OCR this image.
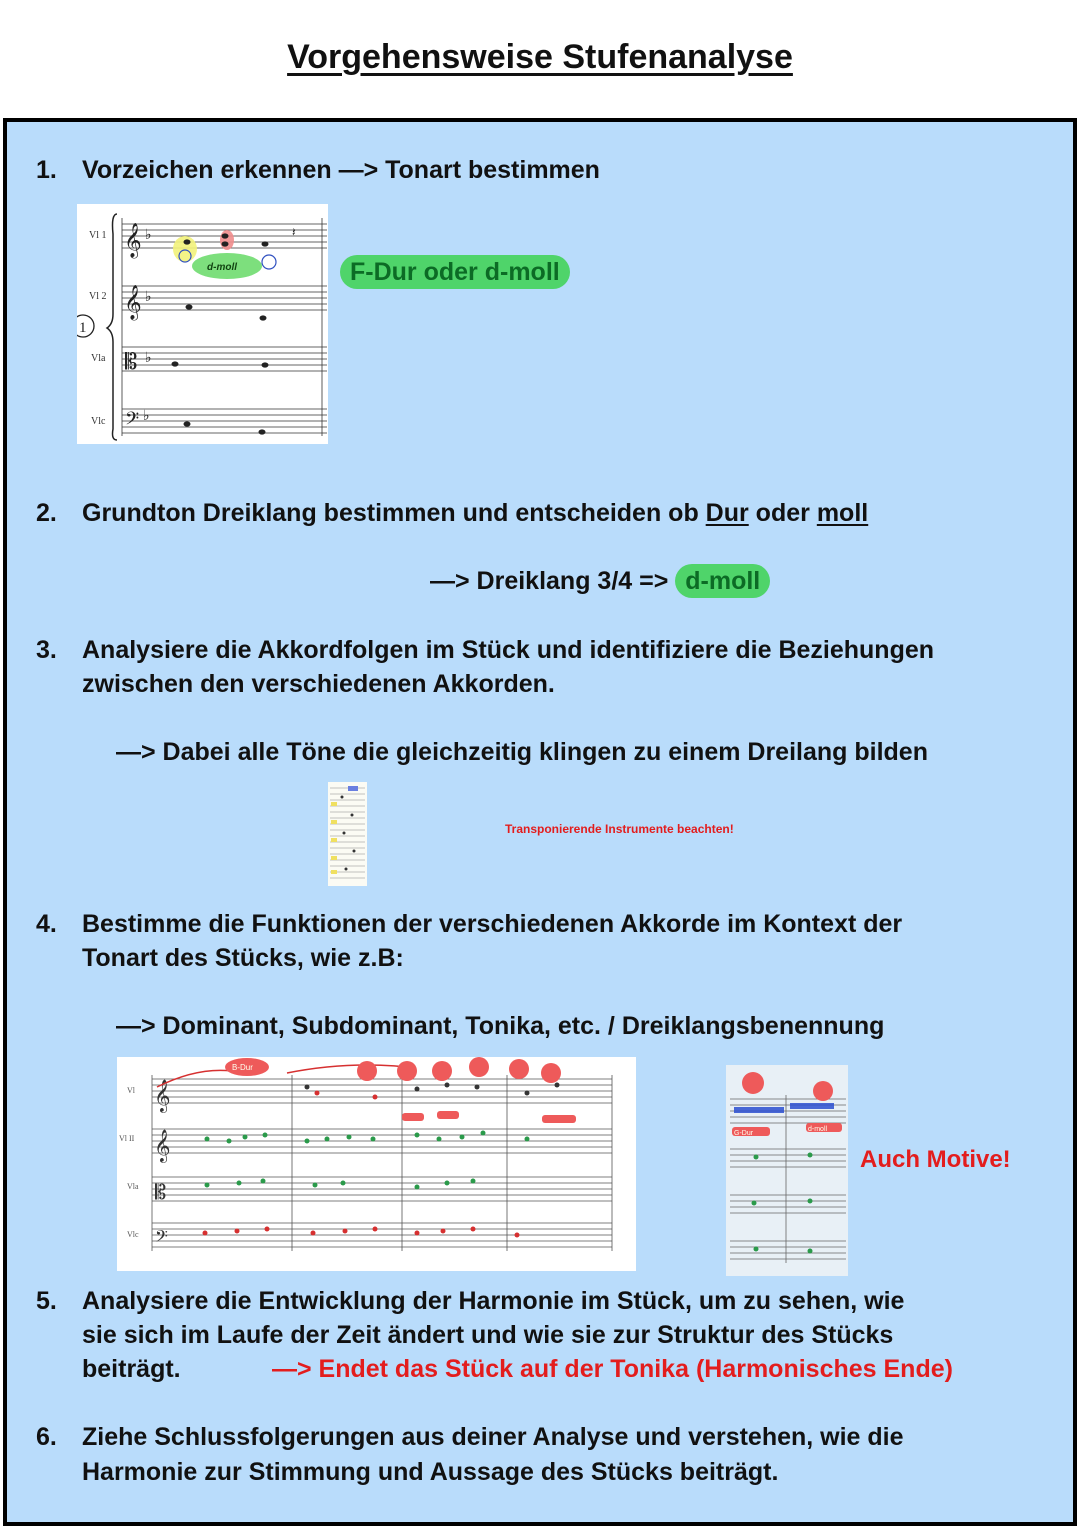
Vorgehensweise Stufenanalyse
1. Vorzeichen erkennen —> Tonart bestimmen
Vl 1
Vl 2
Vla
Vlc
𝄞
𝄞
𝄡
𝄢
♭
♭
♭
♭
𝄽
d-moll
1
F-Dur oder d-moll
2. Grundton Dreiklang bestimmen und entscheiden ob Dur oder moll
—> Dreiklang 3/4 => d-moll
3. Analysiere die Akkordfolgen im Stück und identifiziere die Beziehungen
zwischen den verschiedenen Akkorden.
—> Dabei alle Töne die gleichzeitig klingen zu einem Dreilang bilden
Transponierende Instrumente beachten!
4. Bestimme die Funktionen der verschiedenen Akkorde im Kontext der
Tonart des Stücks, wie z.B:
—> Dominant, Subdominant, Tonika, etc. / Dreiklangsbenennung
Vl
Vl II
Vla
Vlc
𝄞
𝄞
𝄡
𝄢
B-Dur
G-Dur
d-moll
Auch Motive!
5. Analysiere die Entwicklung der Harmonie im Stück, um zu sehen, wie
sie sich im Laufe der Zeit ändert und wie sie zur Struktur des Stücks
beiträgt.	—> Endet das Stück auf der Tonika (Harmonisches Ende)
6. Ziehe Schlussfolgerungen aus deiner Analyse und verstehen, wie die
Harmonie zur Stimmung und Aussage des Stücks beiträgt.
